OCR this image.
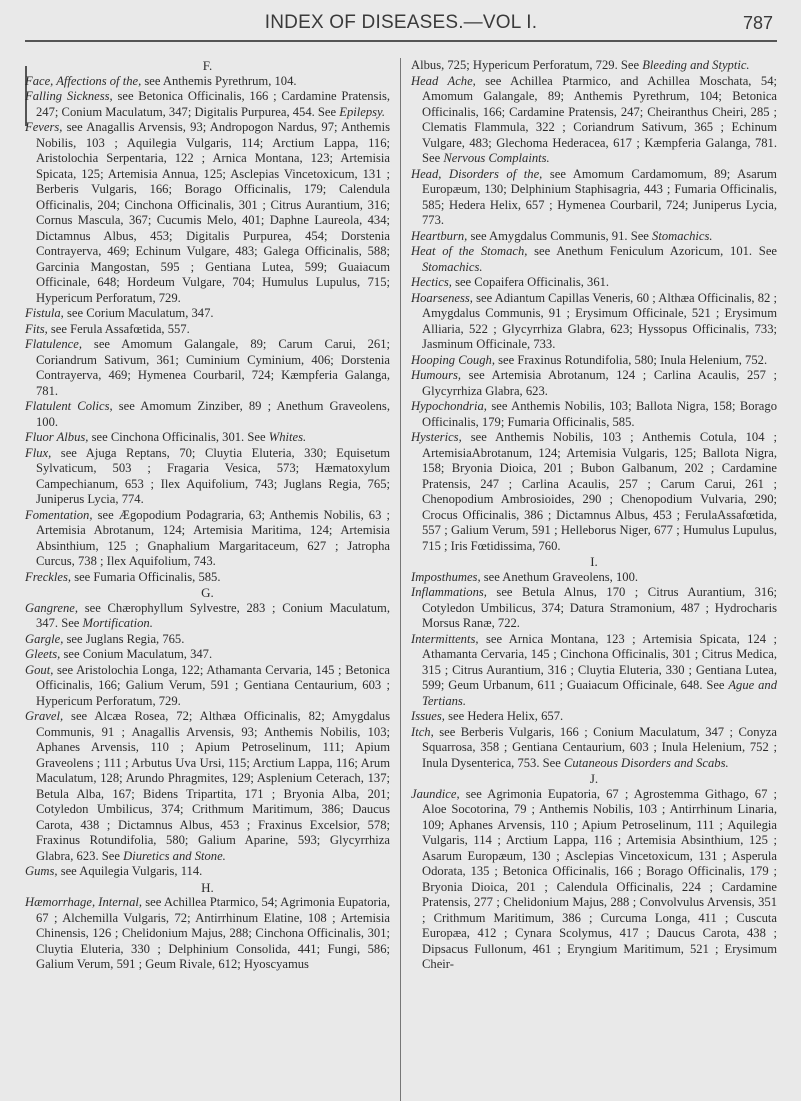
INDEX OF DISEASES.—VOL I.	787

F.

Face, Affections of the, see Anthemis Pyrethrum, 104.

Falling Sickness, see Betonica Officinalis, 166 ; Cardamine Pratensis, 247; Conium Maculatum, 347; Digitalis Purpurea, 454. See Epilepsy.

Fevers, see Anagallis Arvensis, 93; Andropogon Nardus, 97; Anthemis Nobilis, 103 ; Aquilegia Vulgaris, 114; Arctium Lappa, 116; Aristolochia Serpentaria, 122 ; Arnica Montana, 123; Artemisia Spicata, 125; Artemisia Annua, 125; Asclepias Vincetoxicum, 131 ; Berberis Vulgaris, 166; Borago Officinalis, 179; Calendula Officinalis, 204; Cinchona Officinalis, 301 ; Citrus Aurantium, 316; Cornus Mascula, 367; Cucumis Melo, 401; Daphne Laureola, 434; Dictamnus Albus, 453; Digitalis Purpurea, 454; Dorstenia Contrayerva, 469; Echinum Vulgare, 483; Galega Officinalis, 588; Garcinia Mangostan, 595 ; Gentiana Lutea, 599; Guaiacum Officinale, 648; Hordeum Vulgare, 704; Humulus Lupulus, 715; Hypericum Perforatum, 729.

Fistula, see Corium Maculatum, 347.

Fits, see Ferula Assafœtida, 557.

Flatulence, see Amomum Galangale, 89; Carum Carui, 261; Coriandrum Sativum, 361; Cuminium Cyminium, 406; Dorstenia Contrayerva, 469; Hymenea Courbaril, 724; Kæmpferia Galanga, 781.

Flatulent Colics, see Amomum Zinziber, 89 ; Anethum Graveolens, 100.

Fluor Albus, see Cinchona Officinalis, 301. See Whites.

Flux, see Ajuga Reptans, 70; Cluytia Eluteria, 330; Equisetum Sylvaticum, 503 ; Fragaria Vesica, 573; Hæmatoxylum Campechianum, 653 ; Ilex Aquifolium, 743; Juglans Regia, 765; Juniperus Lycia, 774.

Fomentation, see Ægopodium Podagraria, 63; Anthemis Nobilis, 63 ; Artemisia Abrotanum, 124; Artemisia Maritima, 124; Artemisia Absinthium, 125 ; Gnaphalium Margaritaceum, 627 ; Jatropha Curcus, 738 ; Ilex Aquifolium, 743.

Freckles, see Fumaria Officinalis, 585.

G.

Gangrene, see Chærophyllum Sylvestre, 283 ; Conium Maculatum, 347. See Mortification.

Gargle, see Juglans Regia, 765.

Gleets, see Conium Maculatum, 347.

Gout, see Aristolochia Longa, 122; Athamanta Cervaria, 145 ; Betonica Officinalis, 166; Galium Verum, 591 ; Gentiana Centaurium, 603 ; Hypericum Perforatum, 729.

Gravel, see Alcæa Rosea, 72; Althæa Officinalis, 82; Amygdalus Communis, 91 ; Anagallis Arvensis, 93; Anthemis Nobilis, 103; Aphanes Arvensis, 110 ; Apium Petroselinum, 111; Apium Graveolens ; 111 ; Arbutus Uva Ursi, 115; Arctium Lappa, 116; Arum Maculatum, 128; Arundo Phragmites, 129; Asplenium Ceterach, 137; Betula Alba, 167; Bidens Tripartita, 171 ; Bryonia Alba, 201; Cotyledon Umbilicus, 374; Crithmum Maritimum, 386; Daucus Carota, 438 ; Dictamnus Albus, 453 ; Fraxinus Excelsior, 578; Fraxinus Rotundifolia, 580; Galium Aparine, 593; Glycyrrhiza Glabra, 623. See Diuretics and Stone.

Gums, see Aquilegia Vulgaris, 114.

H.

Hæmorrhage, Internal, see Achillea Ptarmico, 54; Agrimonia Eupatoria, 67 ; Alchemilla Vulgaris, 72; Antirrhinum Elatine, 108 ; Artemisia Chinensis, 126 ; Chelidonium Majus, 288; Cinchona Officinalis, 301; Cluytia Eluteria, 330 ; Delphinium Consolida, 441; Fungi, 586; Galium Verum, 591 ; Geum Rivale, 612; Hyoscyamus

Albus, 725; Hypericum Perforatum, 729. See Bleeding and Styptic.

Head Ache, see Achillea Ptarmico, and Achillea Moschata, 54; Amomum Galangale, 89; Anthemis Pyrethrum, 104; Betonica Officinalis, 166; Cardamine Pratensis, 247; Cheiranthus Cheiri, 285 ; Clematis Flammula, 322 ; Coriandrum Sativum, 365 ; Echinum Vulgare, 483; Glechoma Hederacea, 617 ; Kæmpferia Galanga, 781. See Nervous Complaints.

Head, Disorders of the, see Amomum Cardamomum, 89; Asarum Europæum, 130; Delphinium Staphisagria, 443 ; Fumaria Officinalis, 585; Hedera Helix, 657 ; Hymenea Courbaril, 724; Juniperus Lycia, 773.

Heartburn, see Amygdalus Communis, 91. See Stomachics.

Heat of the Stomach, see Anethum Feniculum Azoricum, 101. See Stomachics.

Hectics, see Copaifera Officinalis, 361.

Hoarseness, see Adiantum Capillas Veneris, 60 ; Althæa Officinalis, 82 ; Amygdalus Communis, 91 ; Erysimum Officinale, 521 ; Erysimum Alliaria, 522 ; Glycyrrhiza Glabra, 623; Hyssopus Officinalis, 733; Jasminum Officinale, 733.

Hooping Cough, see Fraxinus Rotundifolia, 580; Inula Helenium, 752.

Humours, see Artemisia Abrotanum, 124 ; Carlina Acaulis, 257 ; Glycyrrhiza Glabra, 623.

Hypochondria, see Anthemis Nobilis, 103; Ballota Nigra, 158; Borago Officinalis, 179; Fumaria Officinalis, 585.

Hysterics, see Anthemis Nobilis, 103 ; Anthemis Cotula, 104 ; ArtemisiaAbrotanum, 124; Artemisia Vulgaris, 125; Ballota Nigra, 158; Bryonia Dioica, 201 ; Bubon Galbanum, 202 ; Cardamine Pratensis, 247 ; Carlina Acaulis, 257 ; Carum Carui, 261 ; Chenopodium Ambrosioides, 290 ; Chenopodium Vulvaria, 290; Crocus Officinalis, 386 ; Dictamnus Albus, 453 ; FerulaAssafœtida, 557 ; Galium Verum, 591 ; Helleborus Niger, 677 ; Humulus Lupulus, 715 ; Iris Fœtidissima, 760.

I.

Imposthumes, see Anethum Graveolens, 100.

Inflammations, see Betula Alnus, 170 ; Citrus Aurantium, 316; Cotyledon Umbilicus, 374; Datura Stramonium, 487 ; Hydrocharis Morsus Ranæ, 722.

Intermittents, see Arnica Montana, 123 ; Artemisia Spicata, 124 ; Athamanta Cervaria, 145 ; Cinchona Officinalis, 301 ; Citrus Medica, 315 ; Citrus Aurantium, 316 ; Cluytia Eluteria, 330 ; Gentiana Lutea, 599; Geum Urbanum, 611 ; Guaiacum Officinale, 648. See Ague and Tertians.

Issues, see Hedera Helix, 657.

Itch, see Berberis Vulgaris, 166 ; Conium Maculatum, 347 ; Conyza Squarrosa, 358 ; Gentiana Centaurium, 603 ; Inula Helenium, 752 ; Inula Dysenterica, 753. See Cutaneous Disorders and Scabs.

J.

Jaundice, see Agrimonia Eupatoria, 67 ; Agrostemma Githago, 67 ; Aloe Socotorina, 79 ; Anthemis Nobilis, 103 ; Antirrhinum Linaria, 109; Aphanes Arvensis, 110 ; Apium Petroselinum, 111 ; Aquilegia Vulgaris, 114 ; Arctium Lappa, 116 ; Artemisia Absinthium, 125 ; Asarum Europæum, 130 ; Asclepias Vincetoxicum, 131 ; Asperula Odorata, 135 ; Betonica Officinalis, 166 ; Borago Officinalis, 179 ; Bryonia Dioica, 201 ; Calendula Officinalis, 224 ; Cardamine Pratensis, 277 ; Chelidonium Majus, 288 ; Convolvulus Arvensis, 351 ; Crithmum Maritimum, 386 ; Curcuma Longa, 411 ; Cuscuta Europæa, 412 ; Cynara Scolymus, 417 ; Daucus Carota, 438 ; Dipsacus Fullonum, 461 ; Eryngium Maritimum, 521 ; Erysimum Cheir-
